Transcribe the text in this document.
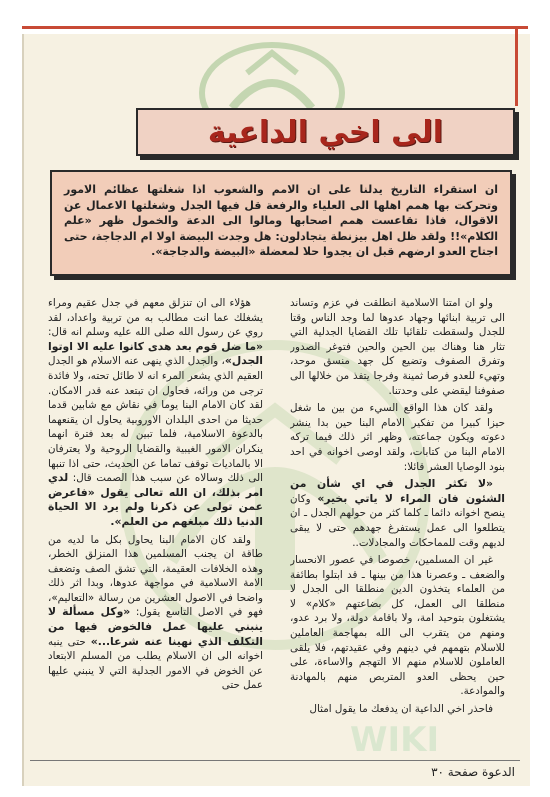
الى اخي الداعية

ان استقراء التاريخ يدلنا على ان الامم والشعوب اذا شغلتها عظائم الامور وتحركت بها همم اهلها الى العلياء والرفعة قل فيها الجدل وشغلتها الاعمال عن الاقوال، فاذا تقاعست همم اصحابها ومالوا الى الدعة والخمول ظهر «علم الكلام»!! ولقد ظل اهل بيزنطة يتجادلون: هل وجدت البيضة اولا ام الدجاجة، حتى اجتاح العدو ارضهم قبل ان يجدوا حلا لمعضلة «البيضة والدجاجة».

ولو ان امتنا الاسلامية انطلقت في عزم وتساند الى تربية ابنائها وجهاد عدوها لما وجد الناس وقتا للجدل ولسقطت تلقائيا تلك القضايا الجدلية التي تثار هنا وهناك بين الحين والحين فتوغر الصدور وتفرق الصفوف وتضيع كل جهد منسق موحد، وتهيء للعدو فرصا ثمينة وفرجا يتفذ من خلالها الى صفوفنا ليقضي على وحدتنا.

ولقد كان هذا الواقع السيء من بين ما شغل حيزا كبيرا من تفكير الامام البنا حين بدا ينشر دعوته ويكون جماعته، وظهر اثر ذلك فيما تركه الامام البنا من كتابات، ولقد اوصى اخوانه في احد بنود الوصايا العشر قائلا:

«لا تكثر الجدل في اي شأن من الشئون فان المراء لا ياتي بخير» وكان ينصح اخوانه دائما ـ كلما كثر من حولهم الجدل ـ ان يتطلعوا الى عمل يستفرغ جهدهم حتى لا يبقى لديهم وقت للمماحكات والمجادلات..

غير ان المسلمين، خصوصا في عصور الانحسار والضعف ـ وعصرنا هذا من بينها ـ قد ابتلوا بطائفة من العلماء يتخذون الدين منطلقا الى الجدل لا منطلقا الى العمل، كل بضاعتهم «كلام» لا يشتغلون بتوحيد امة، ولا باقامة دولة، ولا برد عدو، ومنهم من يتقرب الى الله بمهاجمة العاملين للاسلام بتهمهم في دينهم وفي عقيدتهم، فلا يلقى العاملون للاسلام منهم الا التهجم والاساءة، على حين يحظى العدو المتربص منهم بالمهادنة والموادعة.

فاحذر اخي الداعية ان يدفعك ما يقول امثال

هؤلاء الى ان تنزلق معهم في جدل عقيم ومراء يشغلك عما انت مطالب به من تربية واعداد، لقد روي عن رسول الله صلى الله عليه وسلم انه قال: «ما ضل قوم بعد هدى كانوا عليه الا اوتوا الجدل»، والجدل الذي ينهى عنه الاسلام هو الجدل العقيم الذي يشعر المرء انه لا طائل تحته، ولا فائدة ترجى من ورائه، فحاول ان تبتعد عنه قدر الامكان. لقد كان الامام البنا يوما في نقاش مع شابين قدما حديثا من احدى البلدان الاوروبية يحاول ان يقنعهما بالدعوة الاسلامية، فلما تبين له بعد فترة انهما ينكران الامور الغيبية والقضايا الروحية ولا يعترفان الا بالماديات توقف تماما عن الحديث، حتى اذا تنبها الى ذلك وسالاه عن سبب هذا الصمت قال: لدي امر بذلك، ان الله تعالى يقول «فاعرض عمن تولى عن ذكرنا ولم يرد الا الحياة الدنيا ذلك مبلغهم من العلم».

ولقد كان الامام البنا يحاول بكل ما لديه من طاقة ان يجنب المسلمين هذا المنزلق الخطر، وهذه الخلافات العقيمة، التي تشق الصف وتضعف الامة الاسلامية في مواجهة عدوها، وبدا اثر ذلك واضحا في الاصول العشرين من رسالة «التعاليم»، فهو في الاصل التاسع يقول: «وكل مسألة لا ينبني عليها عمل فالخوض فيها من التكلف الذي نهينا عنه شرعا...» حتى ينبه اخوانه الى ان الاسلام يطلب من المسلم الابتعاد عن الخوض في الامور الجدلية التي لا ينبني عليها عمل حتى

WIKI
الدعوة صفحة ٣٠
